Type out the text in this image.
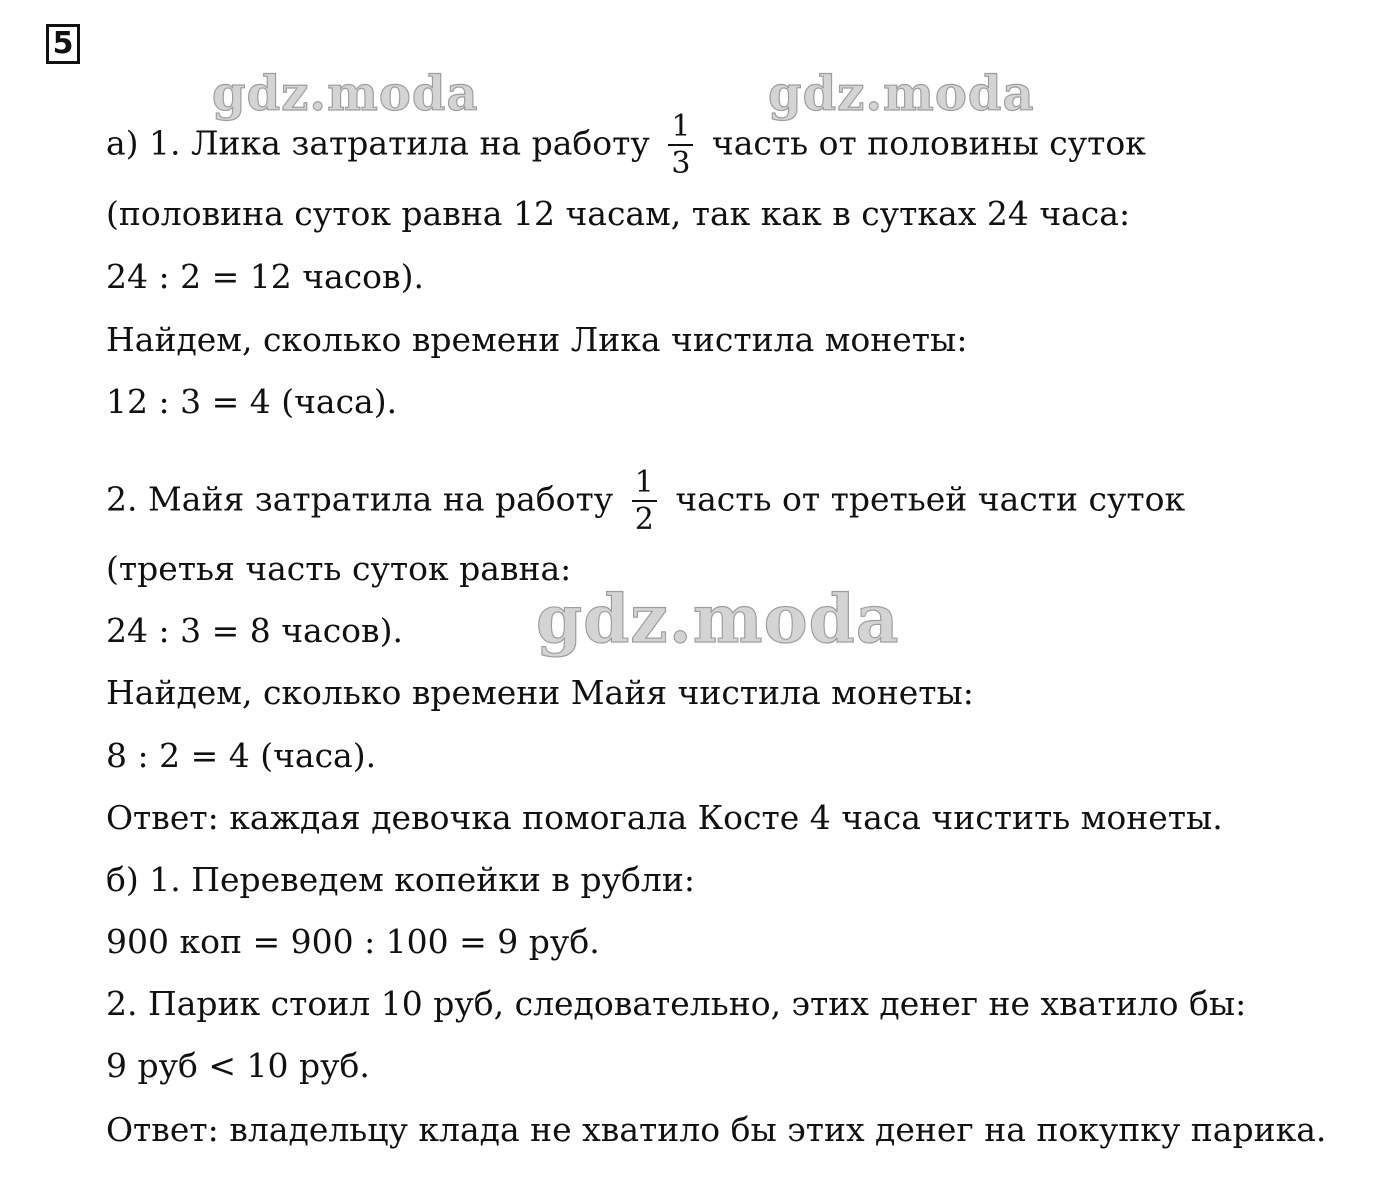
5
gdz.moda	gdz.moda
а) 1. Лика затратила на работу $\frac{1}{3}$ часть от половины суток
(половина суток равна 12 часам, так как в сутках 24 часа:
24 : 2 = 12 часов).
Найдем, сколько времени Лика чистила монеты:
12 : 3 = 4 (часа).
2. Майя затратила на работу $\frac{1}{2}$ часть от третьей части суток
(третья часть суток равна:
24 : 3 = 8 часов).
Найдем, сколько времени Майя чистила монеты:
8 : 2 = 4 (часа).
Ответ: каждая девочка помогала Косте 4 часа чистить монеты.
б) 1. Переведем копейки в рубли:
900 коп = 900 : 100 = 9 руб.
2. Парик стоил 10 руб, следовательно, этих денег не хватило бы:
9 руб < 10 руб.
Ответ: владельцу клада не хватило бы этих денег на покупку парика.
gdz.moda
